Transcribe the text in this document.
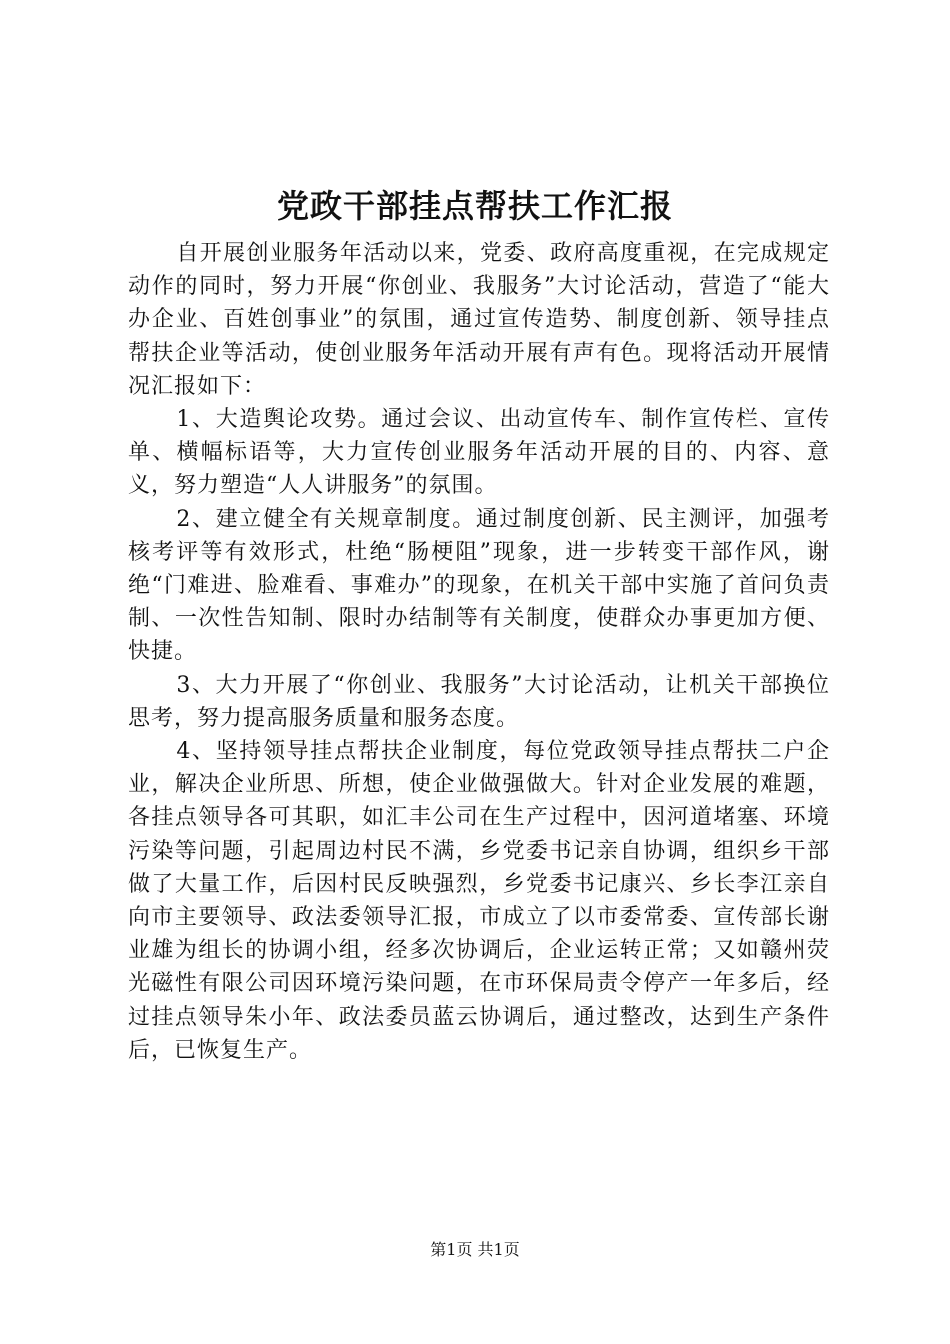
党政干部挂点帮扶工作汇报

自开展创业服务年活动以来，党委、政府高度重视，在完成规定动作的同时，努力开展“你创业、我服务”大讨论活动，营造了“能大办企业、百姓创事业”的氛围，通过宣传造势、制度创新、领导挂点帮扶企业等活动，使创业服务年活动开展有声有色。现将活动开展情况汇报如下：

1、大造舆论攻势。通过会议、出动宣传车、制作宣传栏、宣传单、横幅标语等，大力宣传创业服务年活动开展的目的、内容、意义，努力塑造“人人讲服务”的氛围。

2、建立健全有关规章制度。通过制度创新、民主测评，加强考核考评等有效形式，杜绝“肠梗阻”现象，进一步转变干部作风，谢绝“门难进、脸难看、事难办”的现象，在机关干部中实施了首问负责制、一次性告知制、限时办结制等有关制度，使群众办事更加方便、快捷。

3、大力开展了“你创业、我服务”大讨论活动，让机关干部换位思考，努力提高服务质量和服务态度。

4、坚持领导挂点帮扶企业制度，每位党政领导挂点帮扶二户企业，解决企业所思、所想，使企业做强做大。针对企业发展的难题，各挂点领导各可其职，如汇丰公司在生产过程中，因河道堵塞、环境污染等问题，引起周边村民不满，乡党委书记亲自协调，组织乡干部做了大量工作，后因村民反映强烈，乡党委书记康兴、乡长李江亲自向市主要领导、政法委领导汇报，市成立了以市委常委、宣传部长谢业雄为组长的协调小组，经多次协调后，企业运转正常；又如赣州荧光磁性有限公司因环境污染问题，在市环保局责令停产一年多后，经过挂点领导朱小年、政法委员蓝云协调后，通过整改，达到生产条件后，已恢复生产。

第1页 共1页
